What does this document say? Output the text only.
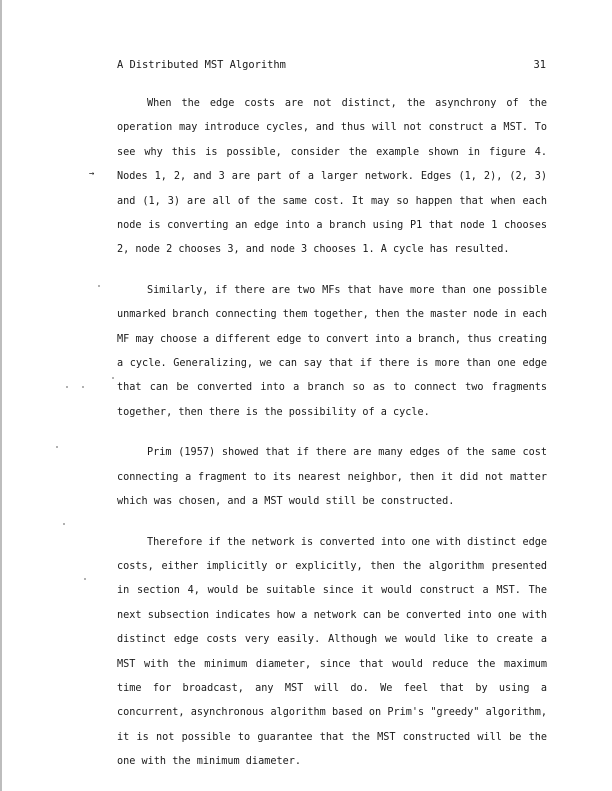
A Distributed MST Algorithm	31
→

When the edge costs are not distinct, the asynchrony of the operation may introduce cycles, and thus will not construct a MST. To see why this is possible, consider the example shown in figure 4. Nodes 1, 2, and 3 are part of a larger network. Edges (1, 2), (2, 3) and (1, 3) are all of the same cost. It may so happen that when each node is converting an edge into a branch using P1 that node 1 chooses 2, node 2 chooses 3, and node 3 chooses 1. A cycle has resulted.

Similarly, if there are two MFs that have more than one possible unmarked branch connecting them together, then the master node in each MF may choose a different edge to convert into a branch, thus creating a cycle. Generalizing, we can say that if there is more than one edge that can be converted into a branch so as to connect two fragments together, then there is the possibility of a cycle.

Prim (1957) showed that if there are many edges of the same cost connecting a fragment to its nearest neighbor, then it did not matter which was chosen, and a MST would still be constructed.

Therefore if the network is converted into one with distinct edge costs, either implicitly or explicitly, then the algorithm presented in section 4, would be suitable since it would construct a MST. The next subsection indicates how a network can be converted into one with distinct edge costs very easily. Although we would like to create a MST with the minimum diameter, since that would reduce the maximum time for broadcast, any MST will do. We feel that by using a concurrent, asynchronous algorithm based on Prim's "greedy" algorithm, it is not possible to guarantee that the MST constructed will be the one with the minimum diameter.
